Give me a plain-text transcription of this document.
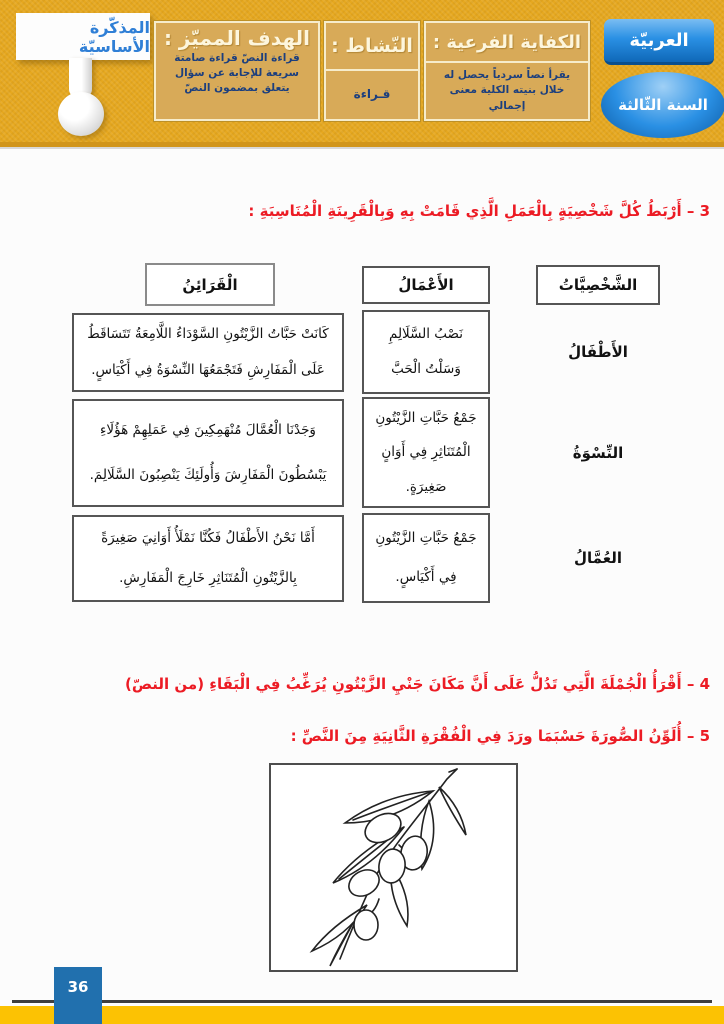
المذكّرة الأساسيّة الهدف المميّز :
قراءة النصّ قراءة صامتة سريعة للإجابة عن سؤال يتعلق بمضمون النصّ
النّشاط :
قـراءة
الكفاية الفرعية :
يقرأ نصاً سردياً يحصل له خلال بنيته الكلية معنى إجمالي
العربيّة
السنة الثّالثة
3 – أَرْبَطُ كُلَّ شَخْصِيَةٍ بِالْعَمَلِ الَّذِي قَامَتْ بِهِ وَبِالْقَرِينَةِ الْمُنَاسِبَةِ :
الشَّخْصِيَّاتُ
الأَعْمَالُ
الْقَرَائِنُ
الأَطْفَالُ
نَصْبُ السَّلَالِمِ وَسَلْتُ الْحَبَّ
كَانَتْ حَبَّاتُ الزَّيْتُونِ السَّوْدَاءُ اللَّامِعَةُ تَتَسَاقَطُ عَلَى الْمَفَارِشِ فَتَجْمَعُهَا النِّسْوَةُ فِي أَكْيَاسٍ.
النِّسْوَةُ
جَمْعُ حَبَّاتِ الزَّيْتُونِ الْمُتَنَاثِرِ فِي أَوَانٍ صَغِيرَةٍ.
وَجَدْنَا الْعُمَّالَ مُنْهَمِكِينَ فِي عَمَلِهِمْ هَؤُلَاءِ يَبْسُطُونَ الْمَفَارِشَ وَأُولَئِكَ يَنْصِبُونَ السَّلَالِمَ.
العُمَّالُ
جَمْعُ حَبَّاتِ الزَّيْتُونِ فِي أَكْيَاسٍ.
أَمَّا نَحْنُ الأَطْفَالُ فَكُنَّا نَمْلَأُ أَوَانِيَ صَغِيرَةً بِالزَّيْتُونِ الْمُتَنَاثِرِ خَارِجَ الْمَفَارِشِ.
4 – أَقْرَأُ الْجُمْلَةَ الَّتِي تَدُلُّ عَلَى أَنَّ مَكَانَ جَنْيِ الزَّيْتُونِ يُرَغِّبُ فِي الْبَقَاءِ (من النصّ)
5 – أُلَوِّنُ الصُّورَةَ حَسْبَمَا ورَدَ فِي الْفُقْرَةِ الثَّانِيَةِ مِنَ النَّصِّ :
36
